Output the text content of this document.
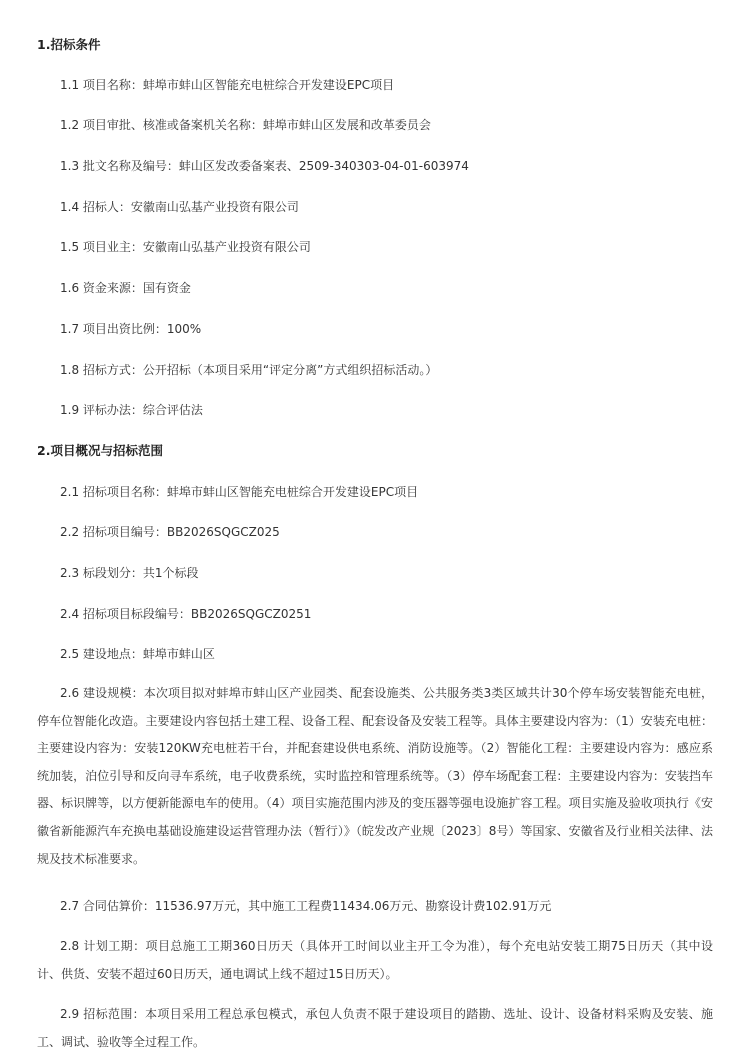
1.招标条件
1.1 项目名称：蚌埠市蚌山区智能充电桩综合开发建设EPC项目
1.2 项目审批、核准或备案机关名称：蚌埠市蚌山区发展和改革委员会
1.3 批文名称及编号：蚌山区发改委备案表、2509-340303-04-01-603974
1.4 招标人：安徽南山弘基产业投资有限公司
1.5 项目业主：安徽南山弘基产业投资有限公司
1.6 资金来源：国有资金
1.7 项目出资比例：100%
1.8 招标方式：公开招标（本项目采用“评定分离”方式组织招标活动。）
1.9 评标办法：综合评估法
2.项目概况与招标范围
2.1 招标项目名称：蚌埠市蚌山区智能充电桩综合开发建设EPC项目
2.2 招标项目编号：BB2026SQGCZ025
2.3 标段划分：共1个标段
2.4 招标项目标段编号：BB2026SQGCZ0251
2.5 建设地点：蚌埠市蚌山区
2.6 建设规模：本次项目拟对蚌埠市蚌山区产业园类、配套设施类、公共服务类3类区域共计30个停车场安装智能充电桩，停车位智能化改造。主要建设内容包括土建工程、设备工程、配套设备及安装工程等。具体主要建设内容为：（1）安装充电桩：主要建设内容为：安装120KW充电桩若干台，并配套建设供电系统、消防设施等。（2）智能化工程：主要建设内容为：感应系统加装，泊位引导和反向寻车系统，电子收费系统，实时监控和管理系统等。（3）停车场配套工程：主要建设内容为：安装挡车器、标识牌等，以方便新能源电车的使用。（4）项目实施范围内涉及的变压器等强电设施扩容工程。项目实施及验收项执行《安徽省新能源汽车充换电基础设施建设运营管理办法（暂行）》（皖发改产业规〔2023〕8号）等国家、安徽省及行业相关法律、法规及技术标准要求。
2.7 合同估算价：11536.97万元，其中施工工程费11434.06万元、勘察设计费102.91万元
2.8 计划工期：项目总施工工期360日历天（具体开工时间以业主开工令为准），每个充电站安装工期75日历天（其中设计、供货、安装不超过60日历天，通电调试上线不超过15日历天）。
2.9 招标范围：本项目采用工程总承包模式，承包人负责不限于建设项目的踏勘、选址、设计、设备材料采购及安装、施工、调试、验收等全过程工作。
